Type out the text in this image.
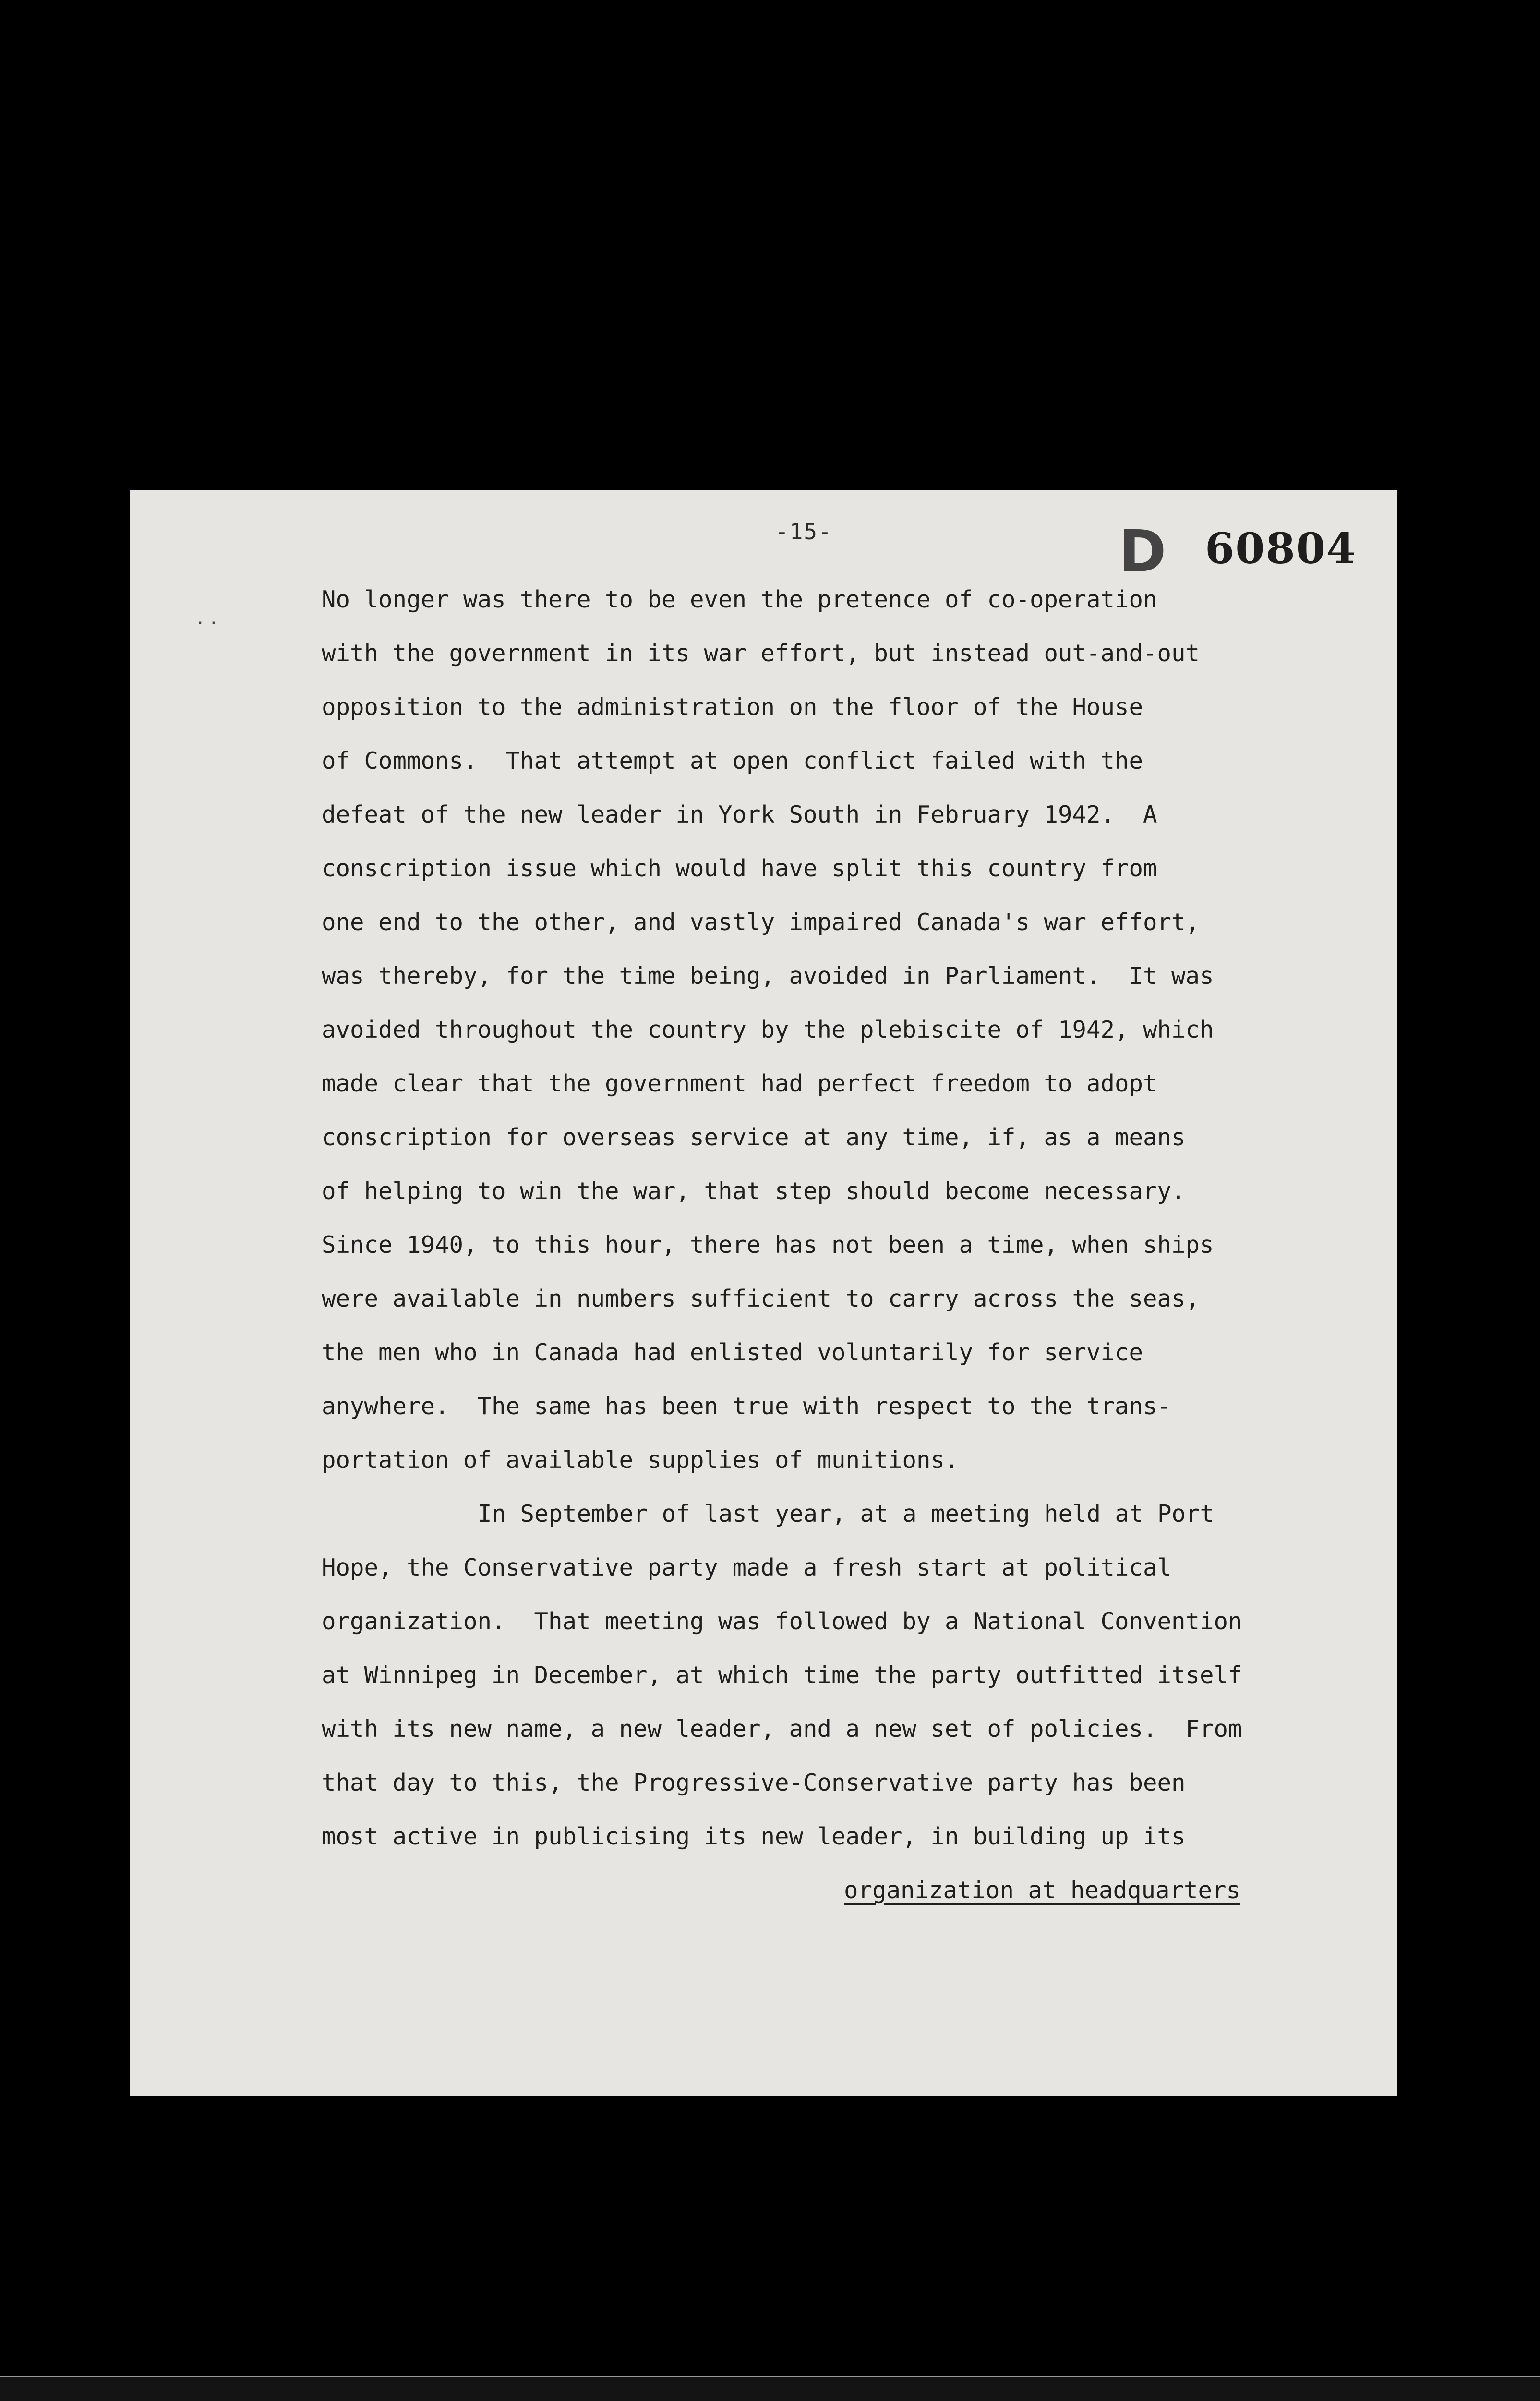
-15-	D 60804
. .
No longer was there to be even the pretence of co-operation
with the government in its war effort, but instead out-and-out
opposition to the administration on the floor of the House
of Commons.  That attempt at open conflict failed with the
defeat of the new leader in York South in February 1942.  A
conscription issue which would have split this country from
one end to the other, and vastly impaired Canada's war effort,
was thereby, for the time being, avoided in Parliament.  It was
avoided throughout the country by the plebiscite of 1942, which
made clear that the government had perfect freedom to adopt
conscription for overseas service at any time, if, as a means
of helping to win the war, that step should become necessary.
Since 1940, to this hour, there has not been a time, when ships
were available in numbers sufficient to carry across the seas,
the men who in Canada had enlisted voluntarily for service
anywhere.  The same has been true with respect to the trans-
portation of available supplies of munitions.
In September of last year, at a meeting held at Port
Hope, the Conservative party made a fresh start at political
organization.  That meeting was followed by a National Convention
at Winnipeg in December, at which time the party outfitted itself
with its new name, a new leader, and a new set of policies.  From
that day to this, the Progressive-Conservative party has been
most active in publicising its new leader, in building up its
organization at headquarters
